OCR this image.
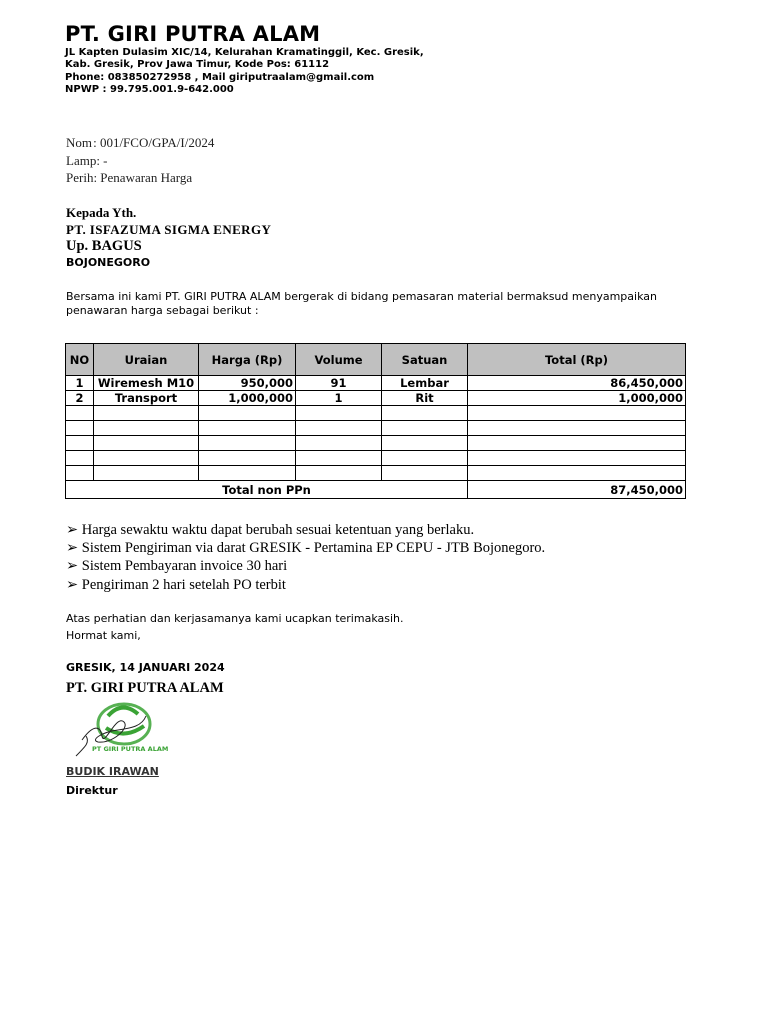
PT. GIRI PUTRA ALAM
JL Kapten Dulasim XIC/14, Kelurahan Kramatinggil, Kec. Gresik,
Kab. Gresik, Prov Jawa Timur, Kode Pos: 61112
Phone: 083850272958 , Mail giriputraalam@gmail.com
NPWP : 99.795.001.9-642.000
Nom : 001/FCO/GPA/I/2024
Lamp: -
Perih: Penawaran Harga
Kepada Yth.
PT. ISFAZUMA SIGMA ENERGY
Up. BAGUS
BOJONEGORO
Bersama ini kami PT. GIRI PUTRA ALAM bergerak di bidang pemasaran material bermaksud menyampaikan penawaran harga sebagai berikut :
NO	Uraian	Harga (Rp)	Volume	Satuan	Total (Rp)
1	Wiremesh M10	950,000	91	Lembar	86,450,000
2	Transport	1,000,000	1	Rit	1,000,000

Total non PPn					87,450,000
➢ Harga sewaktu waktu dapat berubah sesuai ketentuan yang berlaku.
➢ Sistem Pengiriman via darat GRESIK - Pertamina EP CEPU - JTB Bojonegoro.
➢ Sistem Pembayaran invoice 30 hari
➢ Pengiriman 2 hari setelah PO terbit
Atas perhatian dan kerjasamanya kami ucapkan terimakasih.
Hormat kami,
GRESIK, 14 JANUARI 2024
PT. GIRI PUTRA ALAM
PT GIRI PUTRA ALAM
BUDIK IRAWAN
Direktur
